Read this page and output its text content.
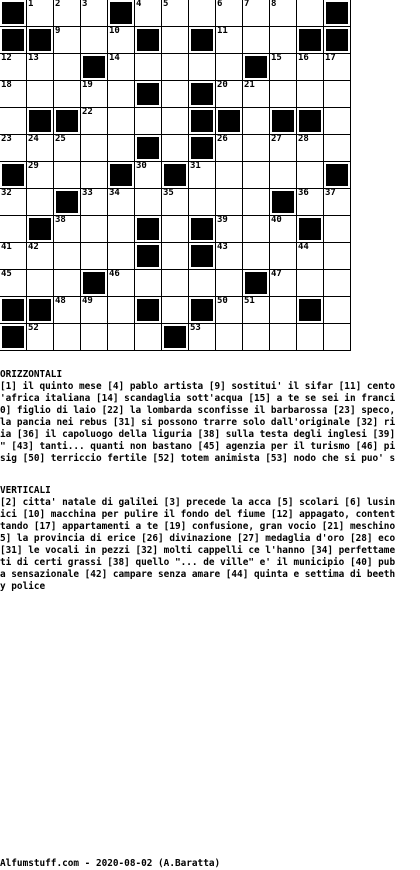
1 2 3	4 5	6 7 8
9	10	11
12 13	14	15 16 17
18	19	20 21
22
23 24 25	26	27 28
29	30	31
32	33 34	35	36 37
38	39	40
41 42	43	44
45	46	47
48 49	50 51
52	53
ORIZZONTALI
[1] il quinto mese [4] pablo artista [9] sostitui' il sifar [11] cento
'africa italiana [14] scandaglia sott'acqua [15] a te se sei in franci
0] figlio di laio [22] la lombarda sconfisse il barbarossa [23] speco,
la pancia nei rebus [31] si possono trarre solo dall'originale [32] ri
ia [36] il capoluogo della liguria [38] sulla testa degli inglesi [39]
" [43] tanti... quanti non bastano [45] agenzia per il turismo [46] pi
sig [50] terriccio fertile [52] totem animista [53] nodo che si puo' s
VERTICALI
[2] citta' natale di galilei [3] precede la acca [5] scolari [6] lusin
ici [10] macchina per pulire il fondo del fiume [12] appagato, content
tando [17] appartamenti a te [19] confusione, gran vocio [21] meschino
5] la provincia di erice [26] divinazione [27] medaglia d'oro [28] eco
[31] le vocali in pezzi [32] molti cappelli ce l'hanno [34] perfettame
ti di certi grassi [38] quello "... de ville" e' il municipio [40] pub
a sensazionale [42] campare senza amare [44] quinta e settima di beeth
y police
Alfumstuff.com - 2020-08-02 (A.Baratta)
